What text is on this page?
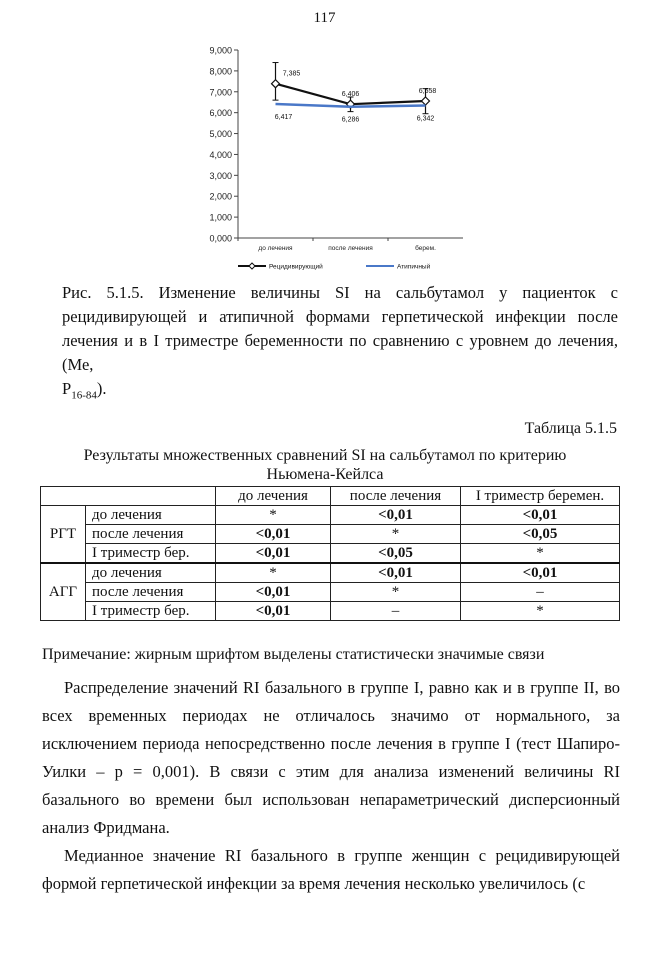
117
0,000
1,000
2,000
3,000
4,000
5,000
6,000
7,000
8,000
9,000
до лечения	после лечения	берем.
7,385
6,406	6,558
6,417	6,286	6,342
Рецидивирующий	Атипичный
Рис. 5.1.5. Изменение величины SI на сальбутамол у пациенток с
рецидивирующей и атипичной формами герпетической инфекции после
лечения и в I триместре беременности по сравнению с уровнем до лечения, (Ме,
$P_{16-84}$).
Таблица 5.1.5
Результаты множественных сравнений SI на сальбутамол по критерию
Ньюмена-Кейлса
		до лечения	после лечения	I триместр беремен.
РГТ	до лечения	*	<0,01	<0,01
	после лечения	<0,01	*	<0,05
	I триместр бер.	<0,01	<0,05	*
АГГ	до лечения	*	<0,01	<0,01
	после лечения	<0,01	*	–
	I триместр бер.	<0,01	–	*
Примечание: жирным шрифтом выделены статистически значимые связи

Распределение значений RI базального в группе I, равно как и в группе II, во всех временных периодах не отличалось значимо от нормального, за исключением периода непосредственно после лечения в группе I (тест Шапиро-Уилки – р = 0,001). В связи с этим для анализа изменений величины RI базального во времени был использован непараметрический дисперсионный анализ Фридмана.

Медианное значение RI базального в группе женщин с рецидивирующей формой герпетической инфекции за время лечения несколько увеличилось (с
